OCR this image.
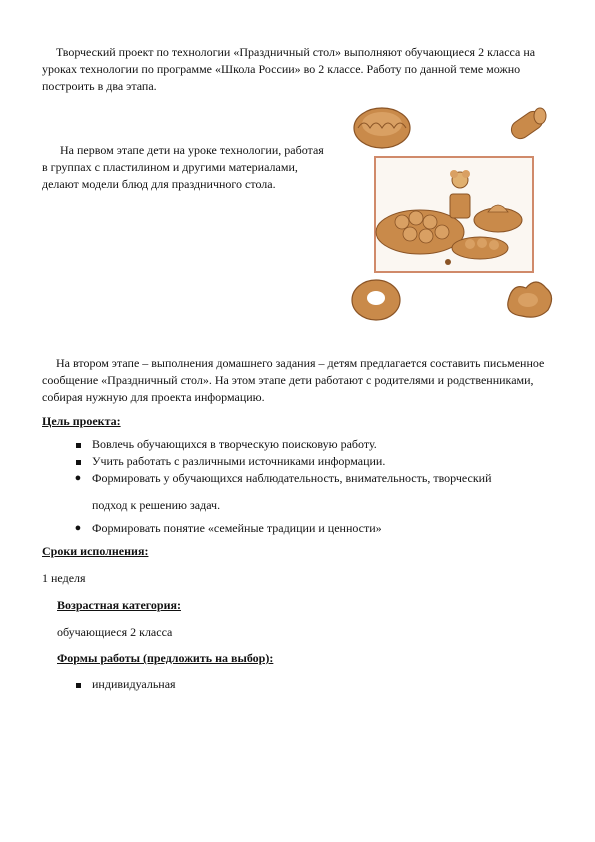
Творческий проект по технологии «Праздничный стол» выполняют обучающиеся 2 класса на уроках технологии по программе «Школа России» во 2 классе. Работу по данной теме можно построить в два этапа.
На первом этапе дети на уроке технологии, работая в группах с пластилином и другими материалами, делают модели блюд для праздничного стола.
На втором этапе – выполнения домашнего задания – детям предлагается составить письменное сообщение «Праздничный стол». На этом этапе дети работают с родителями и родственниками, собирая нужную для проекта информацию.
Цель проекта:
Вовлечь обучающихся в творческую поисковую работу.
Учить работать с различными источниками информации.
● Формировать у обучающихся наблюдательность, внимательность, творческий
подход к решению задач.
● Формировать понятие «семейные традиции и ценности»
Сроки исполнения:
1 неделя
Возрастная категория:
обучающиеся 2 класса
Формы работы (предложить на выбор):
индивидуальная
